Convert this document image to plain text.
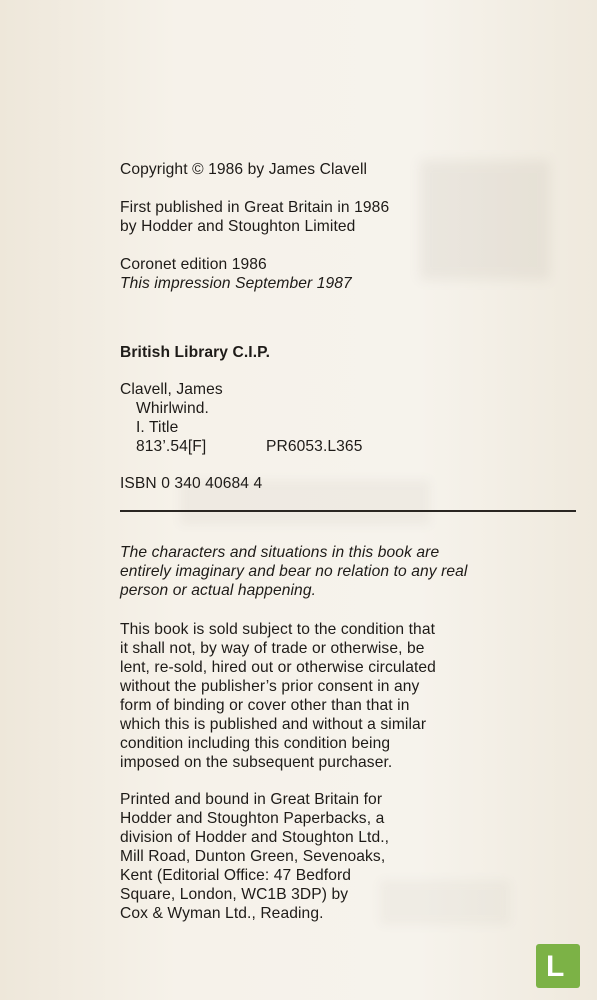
Copyright © 1986 by James Clavell
First published in Great Britain in 1986
by Hodder and Stoughton Limited
Coronet edition 1986
This impression September 1987
British Library C.I.P.
Clavell, James
Whirlwind.
I. Title
813’.54[F]	PR6053.L365
ISBN 0 340 40684 4
The characters and situations in this book are
entirely imaginary and bear no relation to any real
person or actual happening.
This book is sold subject to the condition that
it shall not, by way of trade or otherwise, be
lent, re-sold, hired out or otherwise circulated
without the publisher’s prior consent in any
form of binding or cover other than that in
which this is published and without a similar
condition including this condition being
imposed on the subsequent purchaser.
Printed and bound in Great Britain for
Hodder and Stoughton Paperbacks, a
division of Hodder and Stoughton Ltd.,
Mill Road, Dunton Green, Sevenoaks,
Kent (Editorial Office: 47 Bedford
Square, London, WC1B 3DP) by
Cox & Wyman Ltd., Reading.
L
